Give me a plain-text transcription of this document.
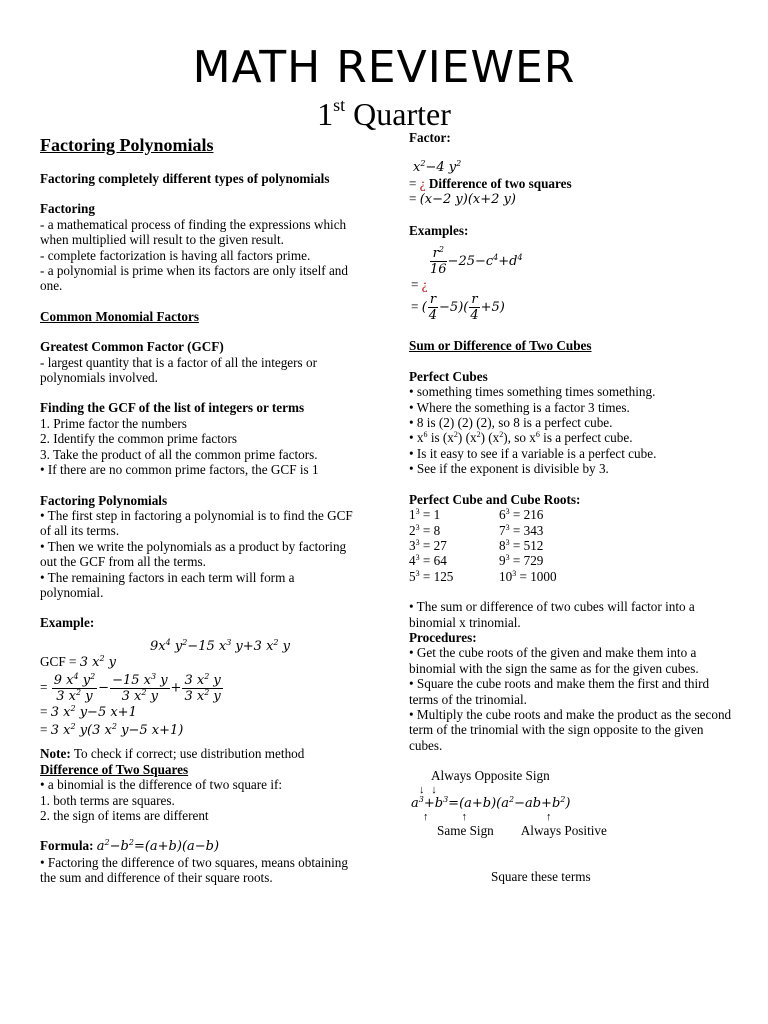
MATH REVIEWER
1st Quarter
Factoring Polynomials
Factoring completely different types of polynomials
Factoring
- a mathematical process of finding the expressions which when multiplied will result to the given result.
- complete factorization is having all factors prime.
- a polynomial is prime when its factors are only itself and one.
Common Monomial Factors
Greatest Common Factor (GCF)
- largest quantity that is a factor of all the integers or polynomials involved.
Finding the GCF of the list of integers or terms
1. Prime factor the numbers
2. Identify the common prime factors
3. Take the product of all the common prime factors.
• If there are no common prime factors, the GCF is 1
Factoring Polynomials
• The first step in factoring a polynomial is to find the GCF of all its terms.
• Then we write the polynomials as a product by factoring out the GCF from all the terms.
• The remaining factors in each term will form a polynomial.
Example:
$9x^4$ $y^2-15$ $x^3$ y+3 $x^2$ y
GCF = 3 $x^2$ y
= $\frac{9 x^4 y^2}{3 x^2 y} - \frac{-15 x^3 y}{3 x^2 y} + \frac{3 x^2 y}{3 x^2 y}$
= 3 $x^2$ y−5 x+1
= 3 $x^2$ y(3 $x^2$ y−5 x+1)
Note: To check if correct; use distribution method
Difference of Two Squares
• a binomial is the difference of two square if:
1. both terms are squares.
2. the sign of items are different
Formula: $a^2-b^2=(a+b)(a-b)$
• Factoring the difference of two squares, means obtaining the sum and difference of their square roots.
Factor:
$x^2-4$ $y^2$
= ¿ Difference of two squares
= (x−2 y)(x+2 y)
Examples:
$\frac{r^2}{16} -25-c^4+d^4$
= ¿
= ( $\frac{r}{4} -5)( \frac{r}{4} +5)$
Sum or Difference of Two Cubes
Perfect Cubes
• something times something times something.
• Where the something is a factor 3 times.
• 8 is (2) (2) (2), so 8 is a perfect cube.
• $x^6$ is $(x^2)$ $(x^2)$ $(x^2)$, so $x^6$ is a perfect cube.
• Is it easy to see if a variable is a perfect cube.
• See if the exponent is divisible by 3.
Perfect Cube and Cube Roots:
$1^3 = 1$	$6^3 = 216$
$2^3 = 8$	$7^3 = 343$
$3^3 = 27$	$8^3 = 512$
$4^3 = 64$	$9^3 = 729$
$5^3 = 125$	$10^3 = 1000$
• The sum or difference of two cubes will factor into a binomial x trinomial.
Procedures:
• Get the cube roots of the given and make them into a binomial with the sign the same as for the given cubes.
• Square the cube roots and make them the first and third terms of the trinomial.
• Multiply the cube roots and make the product as the second term of the trinomial with the sign opposite to the given cubes.
Always Opposite Sign
↓ ↓
$a^3+b^3=(a+b)(a^2-ab+b^2)$
↑	↑	↑
Same Sign Always Positive
Square these terms
